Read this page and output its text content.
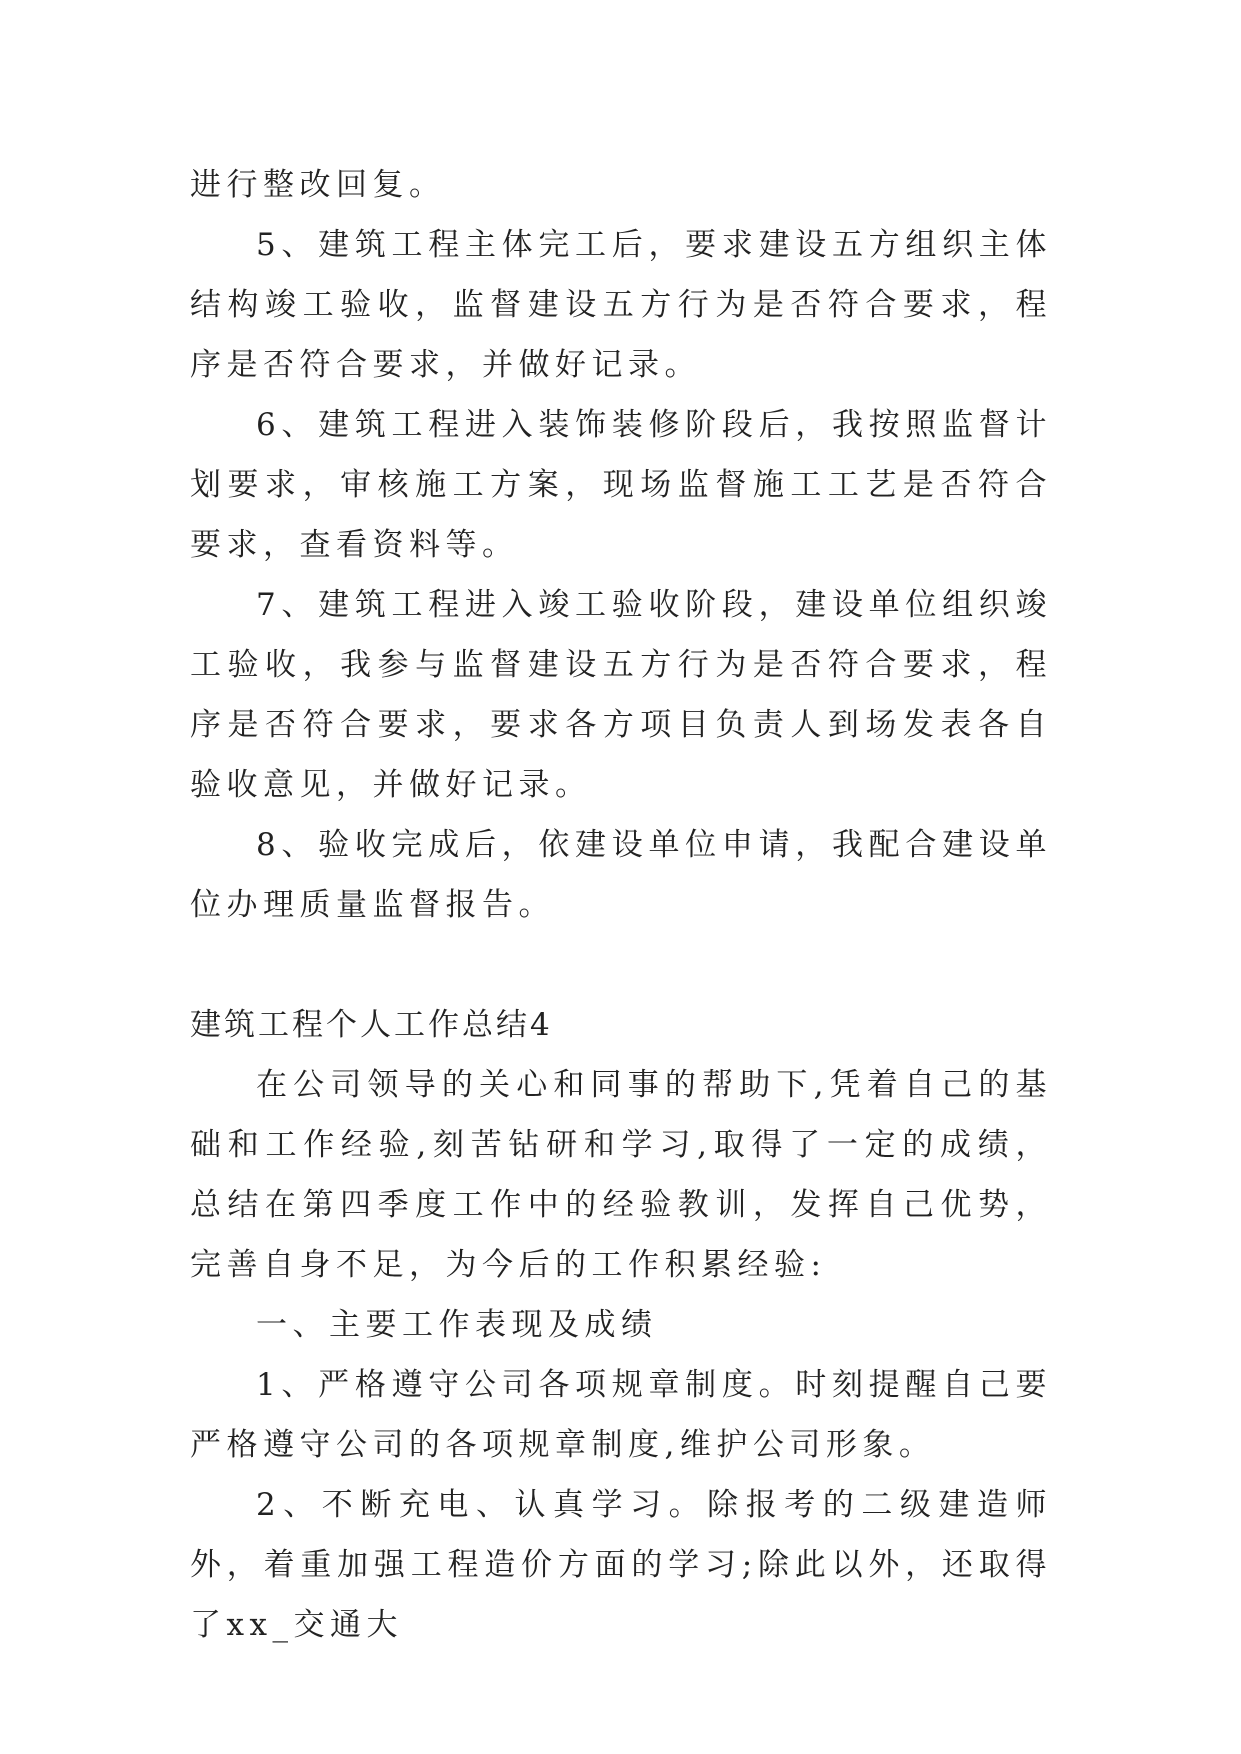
进行整改回复。

5、建筑工程主体完工后，要求建设五方组织主体结构竣工验收，监督建设五方行为是否符合要求，程序是否符合要求，并做好记录。

6、建筑工程进入装饰装修阶段后，我按照监督计划要求，审核施工方案，现场监督施工工艺是否符合要求，查看资料等。

7、建筑工程进入竣工验收阶段，建设单位组织竣工验收，我参与监督建设五方行为是否符合要求，程序是否符合要求，要求各方项目负责人到场发表各自验收意见，并做好记录。

8、验收完成后，依建设单位申请，我配合建设单位办理质量监督报告。

建筑工程个人工作总结4

在公司领导的关心和同事的帮助下,凭着自己的基础和工作经验,刻苦钻研和学习,取得了一定的成绩，总结在第四季度工作中的经验教训，发挥自己优势，完善自身不足，为今后的工作积累经验:

一、主要工作表现及成绩

1、严格遵守公司各项规章制度。时刻提醒自己要严格遵守公司的各项规章制度,维护公司形象。

2、不断充电、认真学习。除报考的二级建造师外，着重加强工程造价方面的学习;除此以外，还取得了xx_交通大
